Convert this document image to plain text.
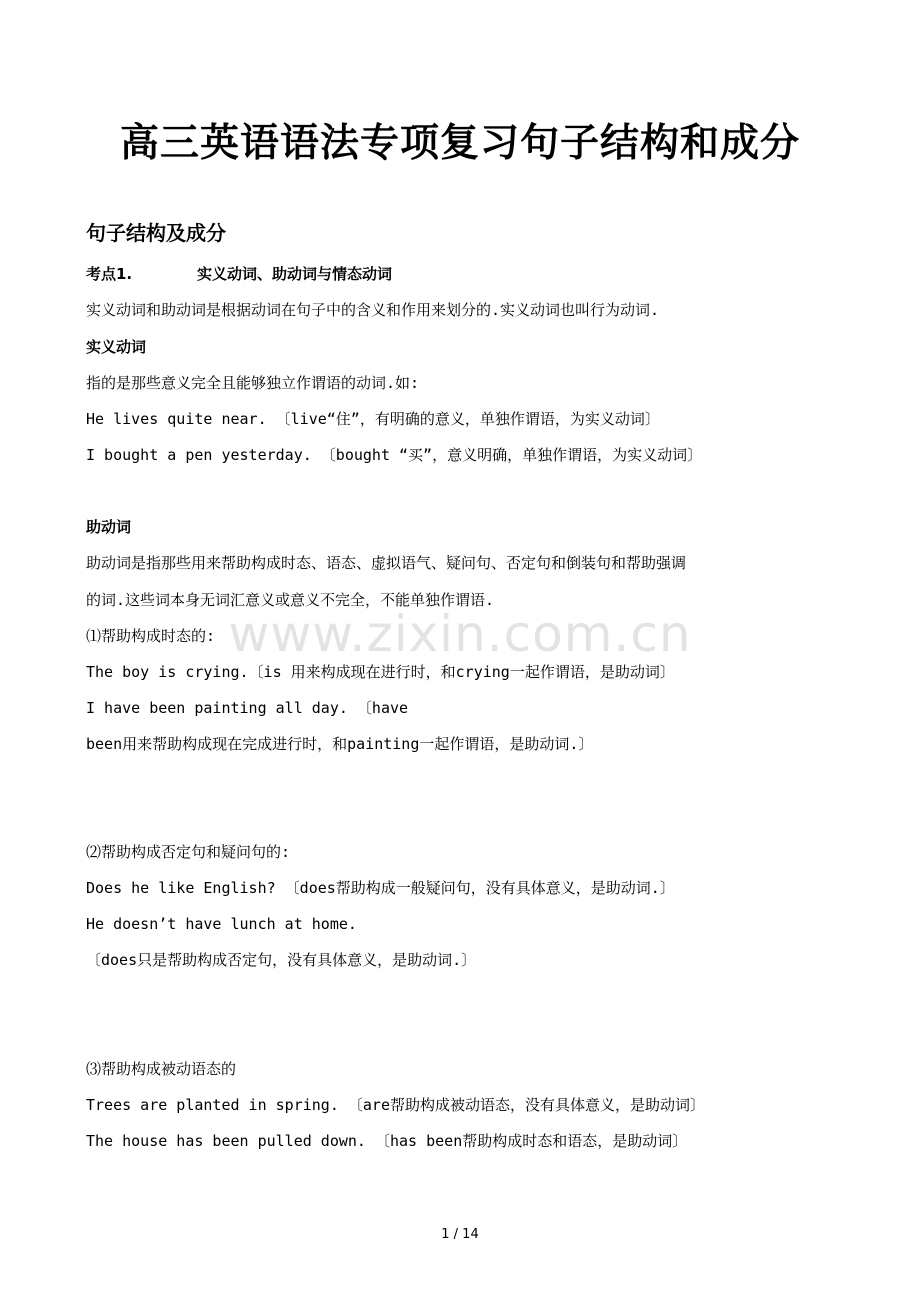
www.zixin.com.cn
高三英语语法专项复习句子结构和成分
句子结构及成分
考点1.	实义动词、助动词与情态动词
实义动词和助动词是根据动词在句子中的含义和作用来划分的.实义动词也叫行为动词.
实义动词
指的是那些意义完全且能够独立作谓语的动词.如:
He lives quite near. 〔live“住”，有明确的意义，单独作谓语，为实义动词〕
I bought a pen yesterday. 〔bought “买”，意义明确，单独作谓语，为实义动词〕
助动词
助动词是指那些用来帮助构成时态、语态、虚拟语气、疑问句、否定句和倒装句和帮助强调
的词.这些词本身无词汇意义或意义不完全，不能单独作谓语.
⑴帮助构成时态的:
The boy is crying.〔is 用来构成现在进行时，和crying一起作谓语，是助动词〕
I have been painting all day. 〔have
been用来帮助构成现在完成进行时，和painting一起作谓语，是助动词.〕
⑵帮助构成否定句和疑问句的:
Does he like English? 〔does帮助构成一般疑问句，没有具体意义，是助动词.〕
He doesn’t have lunch at home.
〔does只是帮助构成否定句，没有具体意义，是助动词.〕
⑶帮助构成被动语态的
Trees are planted in spring. 〔are帮助构成被动语态，没有具体意义，是助动词〕
The house has been pulled down. 〔has been帮助构成时态和语态，是助动词〕
1 / 14
